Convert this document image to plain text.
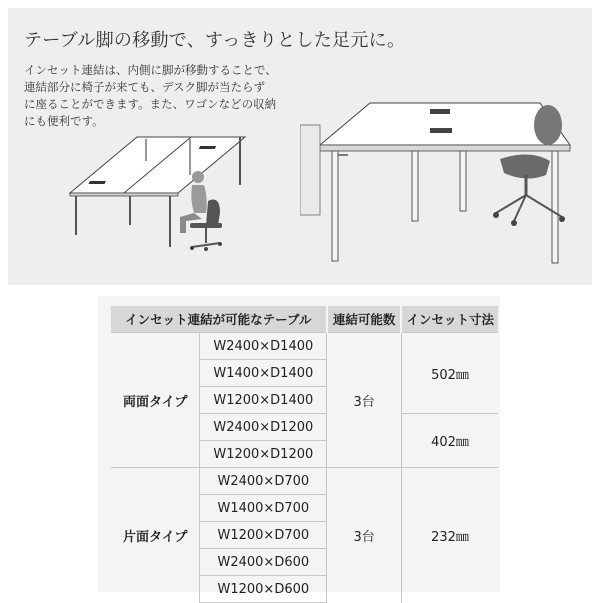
テーブル脚の移動で、すっきりとした足元に。
インセット連結は、内側に脚が移動することで、
連結部分に椅子が来ても、デスク脚が当たらず
に座ることができます。また、ワゴンなどの収納
にも便利です。
インセット連結が可能なテーブル		連結可能数	インセット寸法
両面タイプ	W2400×D1400	3台	502㎜
	W1400×D1400		
	W1200×D1400		
	W2400×D1200		402㎜
	W1200×D1200		
片面タイプ	W2400×D700	3台	232㎜
	W1400×D700		
	W1200×D700		
	W2400×D600		
	W1200×D600		
